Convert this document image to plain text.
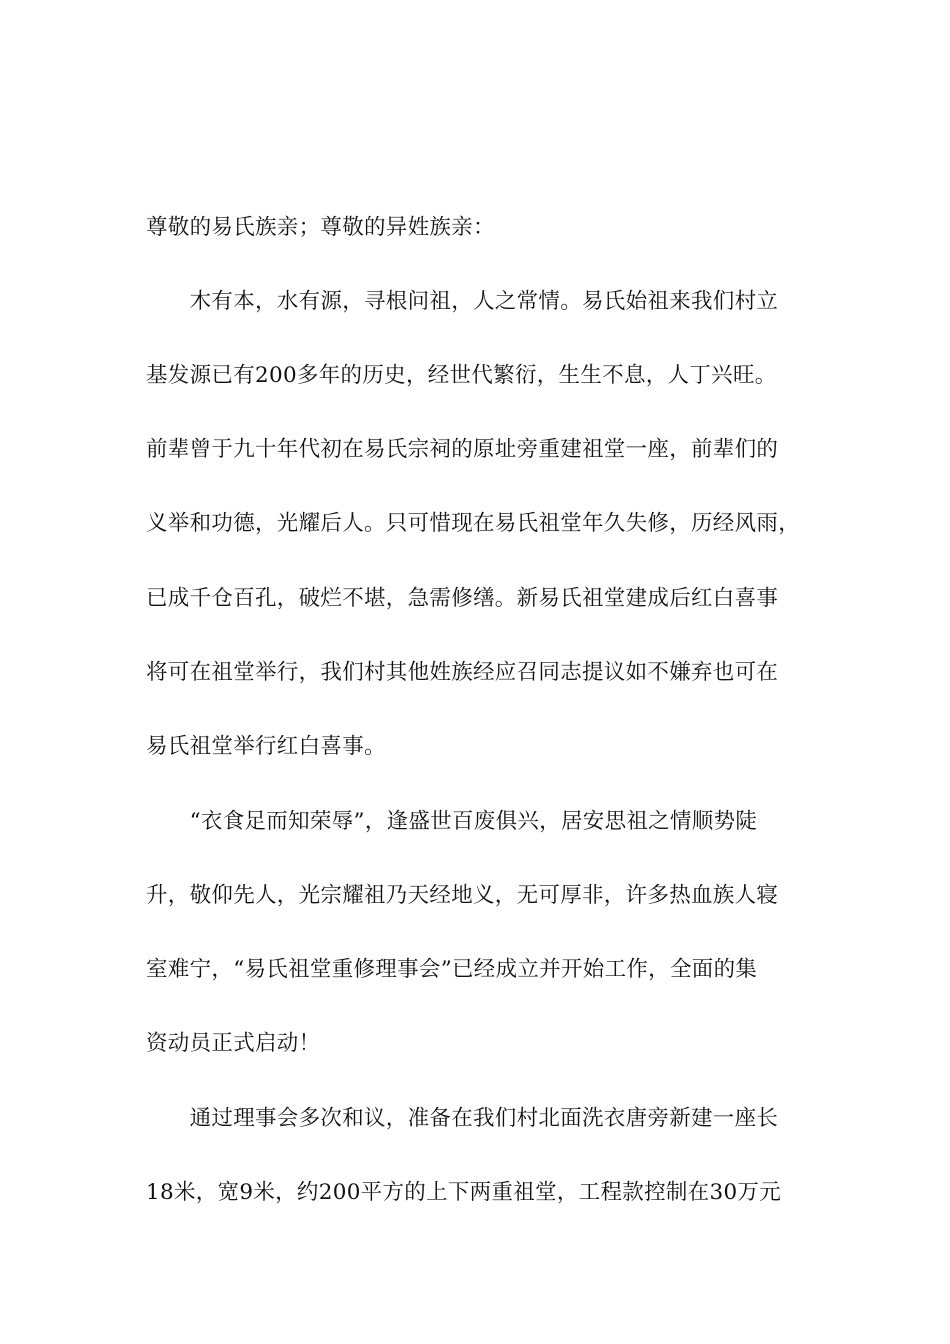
尊敬的易氏族亲；尊敬的异姓族亲：
　　木有本，水有源，寻根问祖，人之常情。易氏始祖来我们村立
基发源已有200多年的历史，经世代繁衍，生生不息，人丁兴旺。
前辈曾于九十年代初在易氏宗祠的原址旁重建祖堂一座，前辈们的
义举和功德，光耀后人。只可惜现在易氏祖堂年久失修，历经风雨，
已成千仓百孔，破烂不堪，急需修缮。新易氏祖堂建成后红白喜事
将可在祖堂举行，我们村其他姓族经应召同志提议如不嫌弃也可在
易氏祖堂举行红白喜事。
　　“衣食足而知荣辱”，逢盛世百废俱兴，居安思祖之情顺势陡
升，敬仰先人，光宗耀祖乃天经地义，无可厚非，许多热血族人寝
室难宁，“易氏祖堂重修理事会”已经成立并开始工作，全面的集
资动员正式启动！
　　通过理事会多次和议，准备在我们村北面洗衣唐旁新建一座长
18米，宽9米，约200平方的上下两重祖堂，工程款控制在30万元
